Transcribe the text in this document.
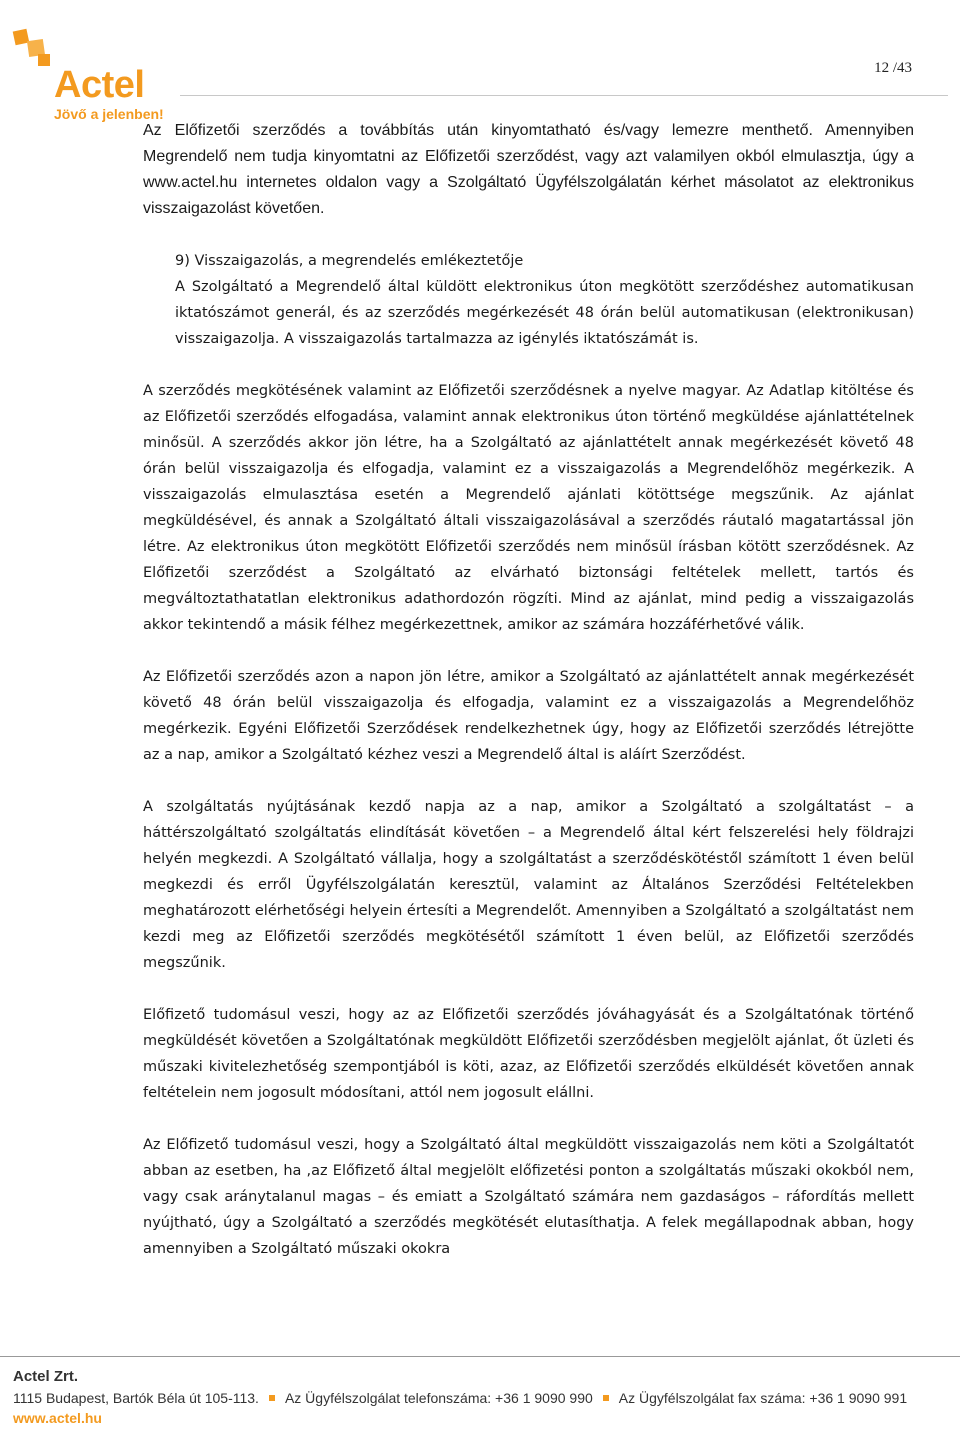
Actel
Jövő a jelenben!
12 /43
Az Előfizetői szerződés a továbbítás után kinyomtatható és/vagy lemezre menthető. Amennyiben Megrendelő nem tudja kinyomtatni az Előfizetői szerződést, vagy azt valamilyen okból elmulasztja, úgy a www.actel.hu internetes oldalon vagy a Szolgáltató Ügyfélszolgálatán kérhet másolatot az elektronikus visszaigazolást követően.
9) Visszaigazolás, a megrendelés emlékeztetője
A Szolgáltató a Megrendelő által küldött elektronikus úton megkötött szerződéshez automatikusan iktatószámot generál, és az szerződés megérkezését 48 órán belül automatikusan (elektronikusan) visszaigazolja. A visszaigazolás tartalmazza az igénylés iktatószámát is.
A szerződés megkötésének valamint az Előfizetői szerződésnek a nyelve magyar. Az Adatlap kitöltése és az Előfizetői szerződés elfogadása, valamint annak elektronikus úton történő megküldése ajánlattételnek minősül. A szerződés akkor jön létre, ha a Szolgáltató az ajánlattételt annak megérkezését követő 48 órán belül visszaigazolja és elfogadja, valamint ez a visszaigazolás a Megrendelőhöz megérkezik. A visszaigazolás elmulasztása esetén a Megrendelő ajánlati kötöttsége megszűnik. Az ajánlat megküldésével, és annak a Szolgáltató általi visszaigazolásával a szerződés ráutaló magatartással jön létre. Az elektronikus úton megkötött Előfizetői szerződés nem minősül írásban kötött szerződésnek. Az Előfizetői szerződést a Szolgáltató az elvárható biztonsági feltételek mellett, tartós és megváltoztathatatlan elektronikus adathordozón rögzíti. Mind az ajánlat, mind pedig a visszaigazolás akkor tekintendő a másik félhez megérkezettnek, amikor az számára hozzáférhetővé válik.
Az Előfizetői szerződés azon a napon jön létre, amikor a Szolgáltató az ajánlattételt annak megérkezését követő 48 órán belül visszaigazolja és elfogadja, valamint ez a visszaigazolás a Megrendelőhöz megérkezik. Egyéni Előfizetői Szerződések rendelkezhetnek úgy, hogy az Előfizetői szerződés létrejötte az a nap, amikor a Szolgáltató kézhez veszi a Megrendelő által is aláírt Szerződést.
A szolgáltatás nyújtásának kezdő napja az a nap, amikor a Szolgáltató a szolgáltatást – a háttérszolgáltató szolgáltatás elindítását követően – a Megrendelő által kért felszerelési hely földrajzi helyén megkezdi. A Szolgáltató vállalja, hogy a szolgáltatást a szerződéskötéstől számított 1 éven belül megkezdi és erről Ügyfélszolgálatán keresztül, valamint az Általános Szerződési Feltételekben meghatározott elérhetőségi helyein értesíti a Megrendelőt. Amennyiben a Szolgáltató a szolgáltatást nem kezdi meg az Előfizetői szerződés megkötésétől számított 1 éven belül, az Előfizetői szerződés megszűnik.
Előfizető tudomásul veszi, hogy az az Előfizetői szerződés jóváhagyását és a Szolgáltatónak történő megküldését követően a Szolgáltatónak megküldött Előfizetői szerződésben megjelölt ajánlat, őt üzleti és műszaki kivitelezhetőség szempontjából is köti, azaz, az Előfizetői szerződés elküldését követően annak feltételein nem jogosult módosítani, attól nem jogosult elállni.
Az Előfizető tudomásul veszi, hogy a Szolgáltató által megküldött visszaigazolás nem köti a Szolgáltatót abban az esetben, ha ,az Előfizető által megjelölt előfizetési ponton a szolgáltatás műszaki okokból nem, vagy csak aránytalanul magas – és emiatt a Szolgáltató számára nem gazdaságos – ráfordítás mellett nyújtható, úgy a Szolgáltató a szerződés megkötését elutasíthatja. A felek megállapodnak abban, hogy amennyiben a Szolgáltató műszaki okokra
Actel Zrt.
1115 Budapest, Bartók Béla út 105-113. Az Ügyfélszolgálat telefonszáma: +36 1 9090 990 Az Ügyfélszolgálat fax száma: +36 1 9090 991
www.actel.hu
